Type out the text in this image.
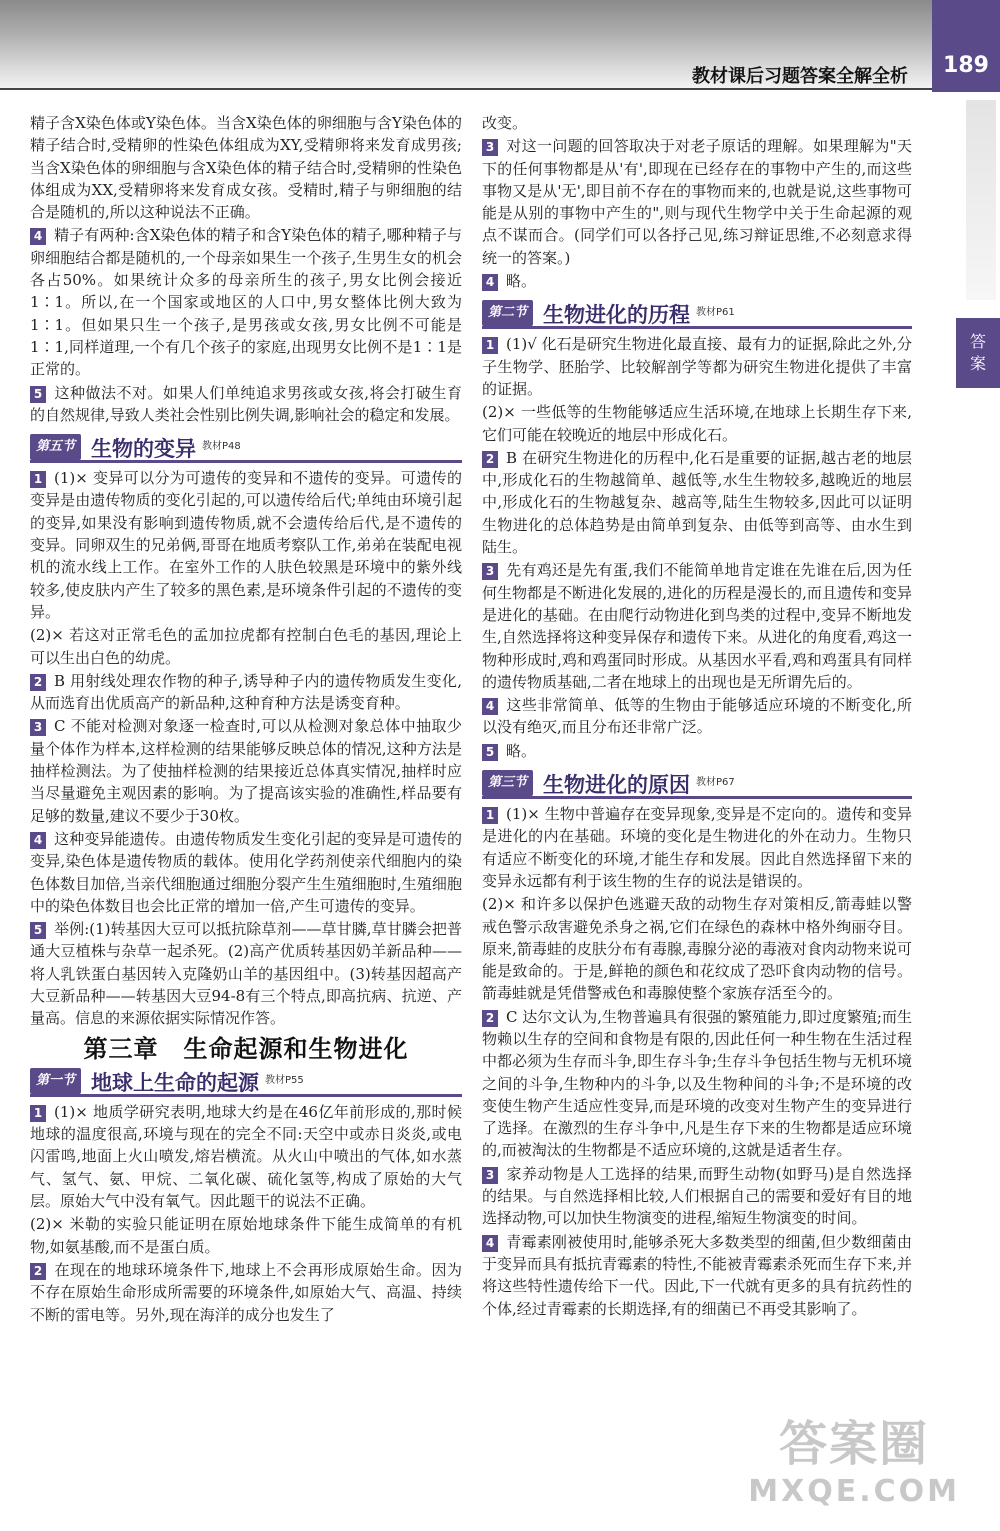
教材课后习题答案全解全析 189
答
案

精子含X染色体或Y染色体。当含X染色体的卵细胞与含Y染色体的精子结合时,受精卵的性染色体组成为XY,受精卵将来发育成男孩;当含X染色体的卵细胞与含X染色体的精子结合时,受精卵的性染色体组成为XX,受精卵将来发育成女孩。受精时,精子与卵细胞的结合是随机的,所以这种说法不正确。

4 精子有两种:含X染色体的精子和含Y染色体的精子,哪种精子与卵细胞结合都是随机的,一个母亲如果生一个孩子,生男生女的机会各占50%。如果统计众多的母亲所生的孩子,男女比例会接近1∶1。所以,在一个国家或地区的人口中,男女整体比例大致为1∶1。但如果只生一个孩子,是男孩或女孩,男女比例不可能是1∶1,同样道理,一个有几个孩子的家庭,出现男女比例不是1∶1是正常的。

5 这种做法不对。如果人们单纯追求男孩或女孩,将会打破生育的自然规律,导致人类社会性别比例失调,影响社会的稳定和发展。

第五节 生物的变异 教材P48

1 (1)× 变异可以分为可遗传的变异和不遗传的变异。可遗传的变异是由遗传物质的变化引起的,可以遗传给后代;单纯由环境引起的变异,如果没有影响到遗传物质,就不会遗传给后代,是不遗传的变异。同卵双生的兄弟俩,哥哥在地质考察队工作,弟弟在装配电视机的流水线上工作。在室外工作的人肤色较黑是环境中的紫外线较多,使皮肤内产生了较多的黑色素,是环境条件引起的不遗传的变异。

(2)× 若这对正常毛色的孟加拉虎都有控制白色毛的基因,理论上可以生出白色的幼虎。

2 B 用射线处理农作物的种子,诱导种子内的遗传物质发生变化,从而选育出优质高产的新品种,这种育种方法是诱变育种。

3 C 不能对检测对象逐一检查时,可以从检测对象总体中抽取少量个体作为样本,这样检测的结果能够反映总体的情况,这种方法是抽样检测法。为了使抽样检测的结果接近总体真实情况,抽样时应当尽量避免主观因素的影响。为了提高该实验的准确性,样品要有足够的数量,建议不要少于30枚。

4 这种变异能遗传。由遗传物质发生变化引起的变异是可遗传的变异,染色体是遗传物质的载体。使用化学药剂使亲代细胞内的染色体数目加倍,当亲代细胞通过细胞分裂产生生殖细胞时,生殖细胞中的染色体数目也会比正常的增加一倍,产生可遗传的变异。

5 举例:(1)转基因大豆可以抵抗除草剂——草甘膦,草甘膦会把普通大豆植株与杂草一起杀死。(2)高产优质转基因奶羊新品种——将人乳铁蛋白基因转入克隆奶山羊的基因组中。(3)转基因超高产大豆新品种——转基因大豆94-8有三个特点,即高抗病、抗逆、产量高。信息的来源依据实际情况作答。

第三章　生命起源和生物进化
第一节 地球上生命的起源 教材P55

1 (1)× 地质学研究表明,地球大约是在46亿年前形成的,那时候地球的温度很高,环境与现在的完全不同:天空中或赤日炎炎,或电闪雷鸣,地面上火山喷发,熔岩横流。从火山中喷出的气体,如水蒸气、氢气、氨、甲烷、二氧化碳、硫化氢等,构成了原始的大气层。原始大气中没有氧气。因此题干的说法不正确。

(2)× 米勒的实验只能证明在原始地球条件下能生成简单的有机物,如氨基酸,而不是蛋白质。

2 在现在的地球环境条件下,地球上不会再形成原始生命。因为不存在原始生命形成所需要的环境条件,如原始大气、高温、持续不断的雷电等。另外,现在海洋的成分也发生了

改变。

3 对这一问题的回答取决于对老子原话的理解。如果理解为"天下的任何事物都是从'有',即现在已经存在的事物中产生的,而这些事物又是从'无',即目前不存在的事物而来的,也就是说,这些事物可能是从别的事物中产生的",则与现代生物学中关于生命起源的观点不谋而合。(同学们可以各抒己见,练习辩证思维,不必刻意求得统一的答案。)

4 略。

第二节 生物进化的历程 教材P61

1 (1)√ 化石是研究生物进化最直接、最有力的证据,除此之外,分子生物学、胚胎学、比较解剖学等都为研究生物进化提供了丰富的证据。

(2)× 一些低等的生物能够适应生活环境,在地球上长期生存下来,它们可能在较晚近的地层中形成化石。

2 B 在研究生物进化的历程中,化石是重要的证据,越古老的地层中,形成化石的生物越简单、越低等,水生生物较多,越晚近的地层中,形成化石的生物越复杂、越高等,陆生生物较多,因此可以证明生物进化的总体趋势是由简单到复杂、由低等到高等、由水生到陆生。

3 先有鸡还是先有蛋,我们不能简单地肯定谁在先谁在后,因为任何生物都是不断进化发展的,进化的历程是漫长的,而且遗传和变异是进化的基础。在由爬行动物进化到鸟类的过程中,变异不断地发生,自然选择将这种变异保存和遗传下来。从进化的角度看,鸡这一物种形成时,鸡和鸡蛋同时形成。从基因水平看,鸡和鸡蛋具有同样的遗传物质基础,二者在地球上的出现也是无所谓先后的。

4 这些非常简单、低等的生物由于能够适应环境的不断变化,所以没有绝灭,而且分布还非常广泛。

5 略。

第三节 生物进化的原因 教材P67

1 (1)× 生物中普遍存在变异现象,变异是不定向的。遗传和变异是进化的内在基础。环境的变化是生物进化的外在动力。生物只有适应不断变化的环境,才能生存和发展。因此自然选择留下来的变异永远都有利于该生物的生存的说法是错误的。

(2)× 和许多以保护色逃避天敌的动物生存对策相反,箭毒蛙以警戒色警示敌害避免杀身之祸,它们在绿色的森林中格外绚丽夺目。原来,箭毒蛙的皮肤分布有毒腺,毒腺分泌的毒液对食肉动物来说可能是致命的。于是,鲜艳的颜色和花纹成了恐吓食肉动物的信号。箭毒蛙就是凭借警戒色和毒腺使整个家族存活至今的。

2 C 达尔文认为,生物普遍具有很强的繁殖能力,即过度繁殖;而生物赖以生存的空间和食物是有限的,因此任何一种生物在生活过程中都必须为生存而斗争,即生存斗争;生存斗争包括生物与无机环境之间的斗争,生物种内的斗争,以及生物种间的斗争;不是环境的改变使生物产生适应性变异,而是环境的改变对生物产生的变异进行了选择。在激烈的生存斗争中,凡是生存下来的生物都是适应环境的,而被淘汰的生物都是不适应环境的,这就是适者生存。

3 家养动物是人工选择的结果,而野生动物(如野马)是自然选择的结果。与自然选择相比较,人们根据自己的需要和爱好有目的地选择动物,可以加快生物演变的进程,缩短生物演变的时间。

4 青霉素刚被使用时,能够杀死大多数类型的细菌,但少数细菌由于变异而具有抵抗青霉素的特性,不能被青霉素杀死而生存下来,并将这些特性遗传给下一代。因此,下一代就有更多的具有抗药性的个体,经过青霉素的长期选择,有的细菌已不再受其影响了。

答案圈
MXQE.COM
